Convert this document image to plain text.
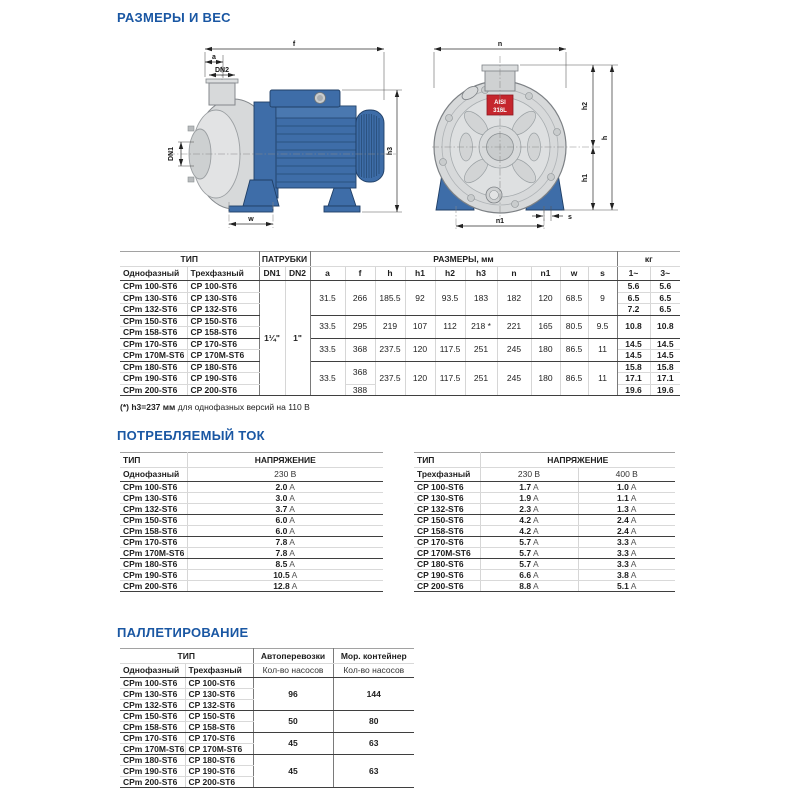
РАЗМЕРЫ И ВЕС
f
a
DN2
DN1	h3
w
AISI
316L
n
h2
h1
h
n1
s
ТИП		ПАТРУБКИ		РАЗМЕРЫ, мм										кг	
Однофазный	Трехфазный	DN1	DN2	a	f	h	h1	h2	h3	n	n1	w	s	1~	3~
CPm 100-ST6	CP 100-ST6	1¼"	1"	31.5	266	185.5	92	93.5	183	182	120	68.5	9	5.6	5.6
CPm 130-ST6	CP 130-ST6													6.5	6.5
CPm 132-ST6	CP 132-ST6													7.2	6.5
CPm 150-ST6	CP 150-ST6			33.5	295	219	107	112	218 *	221	165	80.5	9.5	10.8	10.8
CPm 158-ST6	CP 158-ST6														
CPm 170-ST6	CP 170-ST6			33.5	368	237.5	120	117.5	251	245	180	86.5	11	14.5	14.5
CPm 170M-ST6	CP 170M-ST6													14.5	14.5
CPm 180-ST6	CP 180-ST6			33.5	368	237.5	120	117.5	251	245	180	86.5	11	15.8	15.8
CPm 190-ST6	CP 190-ST6													17.1	17.1
CPm 200-ST6	CP 200-ST6				388									19.6	19.6
(*) h3=237 мм для однофазных версий на 110 В
ПОТРЕБЛЯЕМЫЙ ТОК
ТИП	НАПРЯЖЕНИЕ
Однофазный	230 В
CPm 100-ST6	2.0 A
CPm 130-ST6	3.0 A
CPm 132-ST6	3.7 A
CPm 150-ST6	6.0 A
CPm 158-ST6	6.0 A
CPm 170-ST6	7.8 A
CPm 170M-ST6	7.8 A
CPm 180-ST6	8.5 A
CPm 190-ST6	10.5 A
CPm 200-ST6	12.8 A
ТИП	НАПРЯЖЕНИЕ	
Трехфазный	230 В	400 В
CP 100-ST6	1.7 A	1.0 A
CP 130-ST6	1.9 A	1.1 A
CP 132-ST6	2.3 A	1.3 A
CP 150-ST6	4.2 A	2.4 A
CP 158-ST6	4.2 A	2.4 A
CP 170-ST6	5.7 A	3.3 A
CP 170M-ST6	5.7 A	3.3 A
CP 180-ST6	5.7 A	3.3 A
CP 190-ST6	6.6 A	3.8 A
CP 200-ST6	8.8 A	5.1 A
ПАЛЛЕТИРОВАНИЕ
ТИП		Автоперевозки	Мор. контейнер
Однофазный	Трехфазный	Кол-во насосов	Кол-во насосов
CPm 100-ST6	CP 100-ST6	96	144
CPm 130-ST6	CP 130-ST6		
CPm 132-ST6	CP 132-ST6		
CPm 150-ST6	CP 150-ST6	50	80
CPm 158-ST6	CP 158-ST6		
CPm 170-ST6	CP 170-ST6	45	63
CPm 170M-ST6	CP 170M-ST6		
CPm 180-ST6	CP 180-ST6	45	63
CPm 190-ST6	CP 190-ST6		
CPm 200-ST6	CP 200-ST6		
